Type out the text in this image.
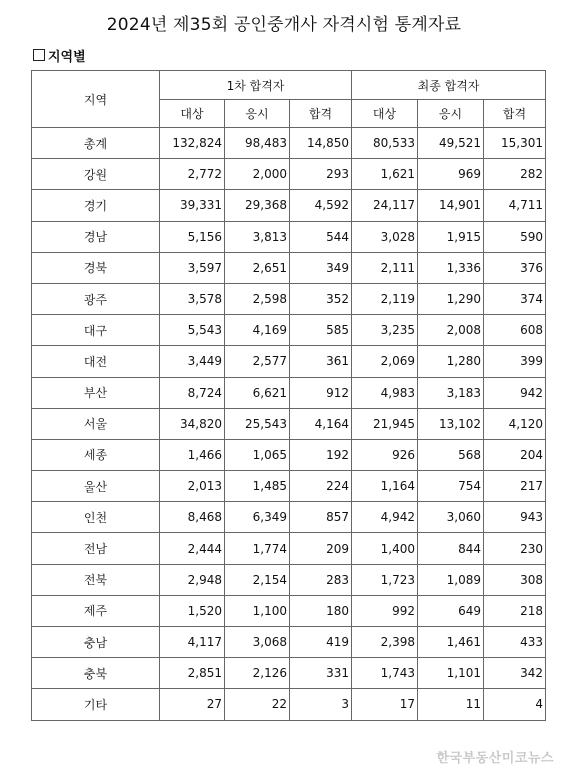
2024년 제35회 공인중개사 자격시험 통계자료
지역별
지역	1차 합격자			최종 합격자		
	대상	응시	합격	대상	응시	합격
총계	132,824	98,483	14,850	80,533	49,521	15,301
강원	2,772	2,000	293	1,621	969	282
경기	39,331	29,368	4,592	24,117	14,901	4,711
경남	5,156	3,813	544	3,028	1,915	590
경북	3,597	2,651	349	2,111	1,336	376
광주	3,578	2,598	352	2,119	1,290	374
대구	5,543	4,169	585	3,235	2,008	608
대전	3,449	2,577	361	2,069	1,280	399
부산	8,724	6,621	912	4,983	3,183	942
서울	34,820	25,543	4,164	21,945	13,102	4,120
세종	1,466	1,065	192	926	568	204
울산	2,013	1,485	224	1,164	754	217
인천	8,468	6,349	857	4,942	3,060	943
전남	2,444	1,774	209	1,400	844	230
전북	2,948	2,154	283	1,723	1,089	308
제주	1,520	1,100	180	992	649	218
충남	4,117	3,068	419	2,398	1,461	433
충북	2,851	2,126	331	1,743	1,101	342
기타	27	22	3	17	11	4
한국부동산미코뉴스
